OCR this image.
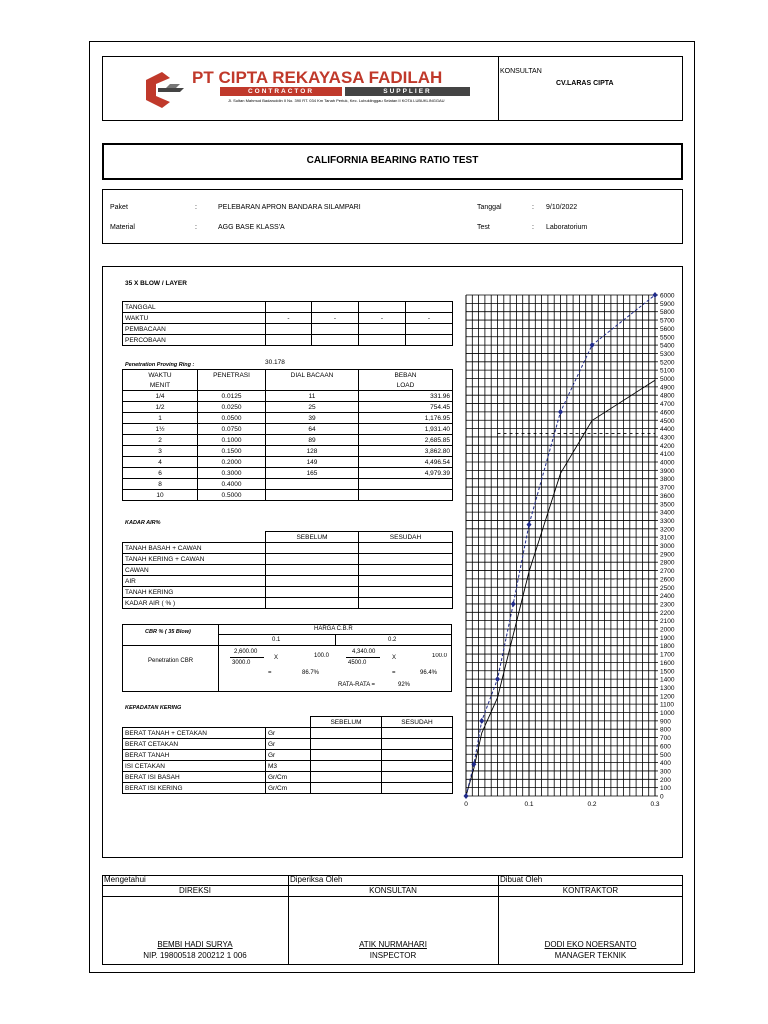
PT CIPTA REKAYASA FADILAH
CONTRACTOR	SUPPLIER
Jl. Sultan Mahmud Badaruddin II No. 390 RT. 034 Km Tanah Periuk, Kec. Lubuklinggau Selatan II KOTA LUBUKLINGGAU
KONSULTAN
CV.LARAS CIPTA
CALIFORNIA BEARING RATIO TEST
Paket	:	PELEBARAN APRON BANDARA SILAMPARI
Material	:	AGG BASE KLASS'A
Tanggal	: 9/10/2022
Test	: Laboratorium
35 X BLOW / LAYER
TANGGAL				
WAKTU	-	-	-	-
PEMBACAAN				
PERCOBAAN				
Penetration Proving Ring :	30.178
WAKTU	PENETRASI	DIAL BACAAN	BEBAN
MENIT			LOAD
1/4	0.0125	11	331.96
1/2	0.0250	25	754.45
1	0.0500	39	1,176.95
1½	0.0750	64	1,931.40
2	0.1000	89	2,685.85
3	0.1500	128	3,862.80
4	0.2000	149	4,496.54
6	0.3000	165	4,979.39
8	0.4000		
10	0.5000		
KADAR AIR%
	SEBELUM	SESUDAH
TANAH BASAH + CAWAN		
TANAH KERING + CAWAN		
CAWAN		
AIR		
TANAH KERING		
KADAR AIR ( % )		
CBR % ( 35 Blow)	HARGA C.B.R
0.1	0.2
Penetration CBR
2,600.00
3000.0
X	100.0
4,340.00
4500.0
X	100.0
=	86.7%	=	96.4%
RATA-RATA =	92%
KEPADATAN KERING
		SEBELUM	SESUDAH
BERAT TANAH + CETAKAN	Gr		
BERAT CETAKAN	Gr		
BERAT TANAH	Gr		
ISI CETAKAN	M3		
BERAT ISI BASAH	Gr/Cm		
BERAT ISI KERING	Gr/Cm		
0
100
200
300
400
500
600
700
800
900
1000
1100
1200
1300
1400
1500
1600
1700
1800
1900
2000
2100
2200
2300
2400
2500
2600
2700
2800
2900
3000
3100
3200
3300
3400
3500
3600
3700
3800
3900
4000
4100
4200
4300
4400
4500
4600
4700
4800
4900
5000
5100
5200
5300
5400
5500
5600
5700
5800
5900
6000
0	0.1	0.2	0.3
Mengetahui	Diperiksa Oleh	Dibuat Oleh
DIREKSI	KONSULTAN	KONTRAKTOR
BEMBI HADI SURYA
NIP. 19800518 200212 1 006
ATIK NURMAHARI
INSPECTOR
DODI EKO NOERSANTO
MANAGER TEKNIK
